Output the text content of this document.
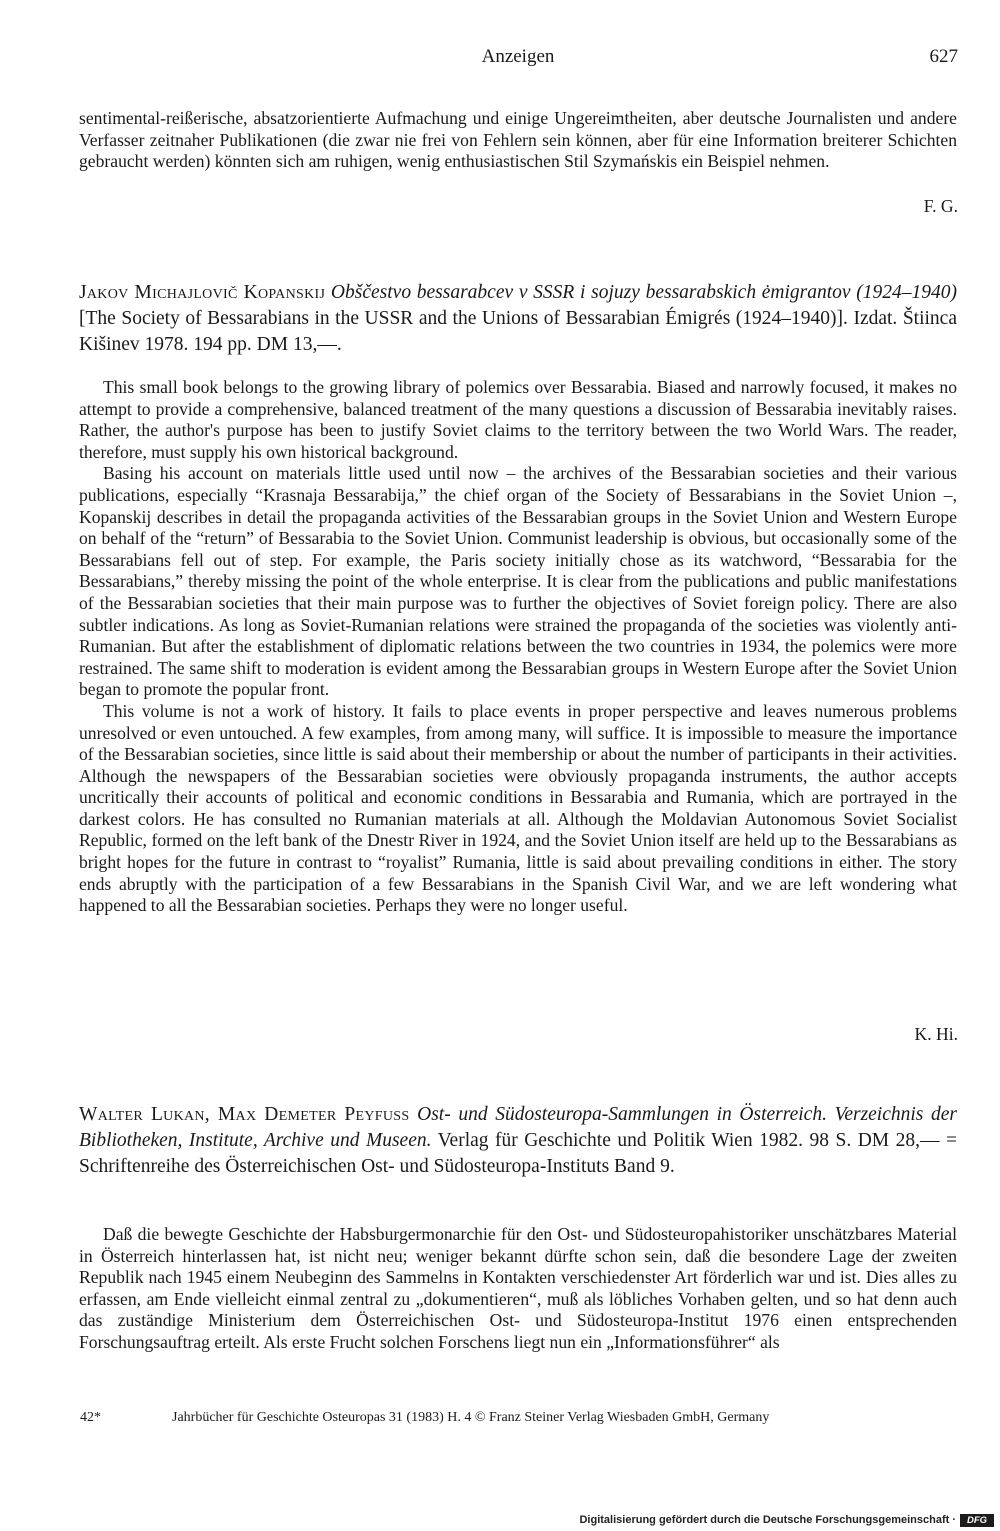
Anzeigen	627

sentimental-reißerische, absatzorientierte Aufmachung und einige Ungereimtheiten, aber deutsche Journalisten und andere Verfasser zeitnaher Publikationen (die zwar nie frei von Fehlern sein können, aber für eine Information breiterer Schichten gebraucht werden) könnten sich am ruhigen, wenig enthusiastischen Stil Szymańskis ein Beispiel nehmen.

F. G.

Jakov Michajlovič Kopanskij Obščestvo bessarabcev v SSSR i sojuzy bessarabskich ėmigrantov (1924–1940) [The Society of Bessarabians in the USSR and the Unions of Bessarabian Émigrés (1924–1940)]. Izdat. Štiinca Kišinev 1978. 194 pp. DM 13,—.

This small book belongs to the growing library of polemics over Bessarabia. Biased and narrowly focused, it makes no attempt to provide a comprehensive, balanced treatment of the many questions a discussion of Bessarabia inevitably raises. Rather, the author's purpose has been to justify Soviet claims to the territory between the two World Wars. The reader, therefore, must supply his own historical background.

Basing his account on materials little used until now – the archives of the Bessarabian societies and their various publications, especially “Krasnaja Bessarabija,” the chief organ of the Society of Bessarabians in the Soviet Union –, Kopanskij describes in detail the propaganda activities of the Bessarabian groups in the Soviet Union and Western Europe on behalf of the “return” of Bessarabia to the Soviet Union. Communist leadership is obvious, but occasionally some of the Bessarabians fell out of step. For example, the Paris society initially chose as its watchword, “Bessarabia for the Bessarabians,” thereby missing the point of the whole enterprise. It is clear from the publications and public manifestations of the Bessarabian societies that their main purpose was to further the objectives of Soviet foreign policy. There are also subtler indications. As long as Soviet-Rumanian relations were strained the propaganda of the societies was violently anti-Rumanian. But after the establishment of diplomatic relations between the two countries in 1934, the polemics were more restrained. The same shift to moderation is evident among the Bessarabian groups in Western Europe after the Soviet Union began to promote the popular front.

This volume is not a work of history. It fails to place events in proper perspective and leaves numerous problems unresolved or even untouched. A few examples, from among many, will suffice. It is impossible to measure the importance of the Bessarabian societies, since little is said about their membership or about the number of participants in their activities. Although the newspapers of the Bessarabian societies were obviously propaganda instruments, the author accepts uncritically their accounts of political and economic conditions in Bessarabia and Rumania, which are portrayed in the darkest colors. He has consulted no Rumanian materials at all. Although the Moldavian Autonomous Soviet Socialist Republic, formed on the left bank of the Dnestr River in 1924, and the Soviet Union itself are held up to the Bessarabians as bright hopes for the future in contrast to “royalist” Rumania, little is said about prevailing conditions in either. The story ends abruptly with the participation of a few Bessarabians in the Spanish Civil War, and we are left wondering what happened to all the Bessarabian societies. Perhaps they were no longer useful.

K. Hi.

Walter Lukan, Max Demeter Peyfuss Ost- und Südosteuropa-Sammlungen in Österreich. Verzeichnis der Bibliotheken, Institute, Archive und Museen. Verlag für Geschichte und Politik Wien 1982. 98 S. DM 28,— = Schriftenreihe des Österreichischen Ost- und Südosteuropa-Instituts Band 9.

Daß die bewegte Geschichte der Habsburgermonarchie für den Ost- und Südosteuropahistoriker unschätzbares Material in Österreich hinterlassen hat, ist nicht neu; weniger bekannt dürfte schon sein, daß die besondere Lage der zweiten Republik nach 1945 einem Neubeginn des Sammelns in Kontakten verschiedenster Art förderlich war und ist. Dies alles zu erfassen, am Ende vielleicht einmal zentral zu „dokumentieren“, muß als löbliches Vorhaben gelten, und so hat denn auch das zuständige Ministerium dem Österreichischen Ost- und Südosteuropa-Institut 1976 einen entsprechenden Forschungsauftrag erteilt. Als erste Frucht solchen Forschens liegt nun ein „Informationsführer“ als

42*	Jahrbücher für Geschichte Osteuropas 31 (1983) H. 4 © Franz Steiner Verlag Wiesbaden GmbH, Germany
Digitalisierung gefördert durch die Deutsche Forschungsgemeinschaft ·	DFG
